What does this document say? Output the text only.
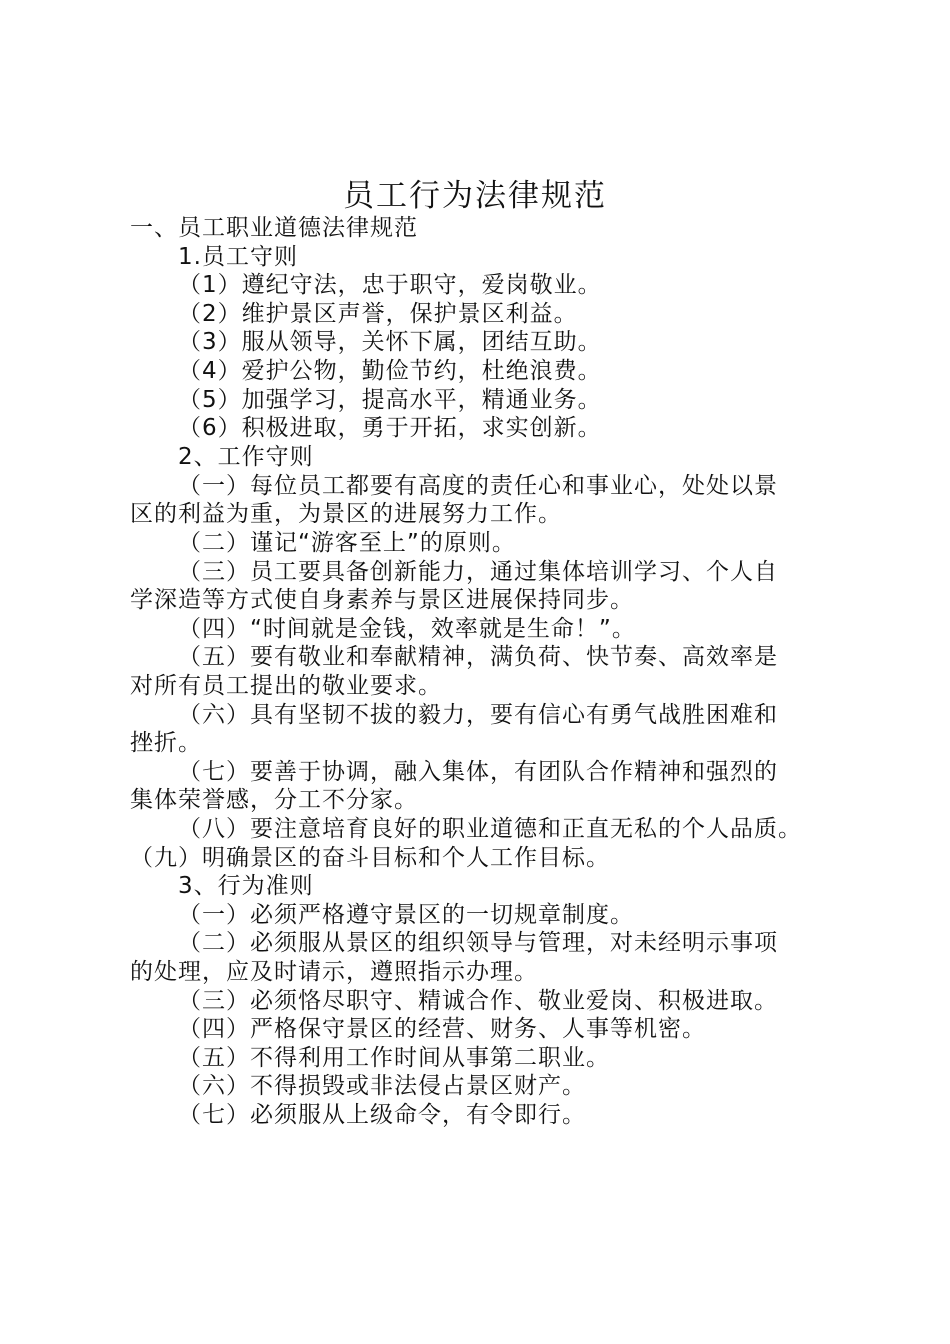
员工行为法律规范
一、员工职业道德法律规范
1.员工守则
（1）遵纪守法，忠于职守，爱岗敬业。
（2）维护景区声誉，保护景区利益。
（3）服从领导，关怀下属，团结互助。
（4）爱护公物，勤俭节约，杜绝浪费。
（5）加强学习，提高水平，精通业务。
（6）积极进取，勇于开拓，求实创新。
2、工作守则
（一）每位员工都要有高度的责任心和事业心，处处以景
区的利益为重，为景区的进展努力工作。
（二）谨记“游客至上”的原则。
（三）员工要具备创新能力，通过集体培训学习、个人自
学深造等方式使自身素养与景区进展保持同步。
（四）“时间就是金钱，效率就是生命！”。
（五）要有敬业和奉献精神，满负荷、快节奏、高效率是
对所有员工提出的敬业要求。
（六）具有坚韧不拔的毅力，要有信心有勇气战胜困难和
挫折。
（七）要善于协调，融入集体，有团队合作精神和强烈的
集体荣誉感，分工不分家。
（八）要注意培育良好的职业道德和正直无私的个人品质。
（九）明确景区的奋斗目标和个人工作目标。
3、行为准则
（一）必须严格遵守景区的一切规章制度。
（二）必须服从景区的组织领导与管理，对未经明示事项
的处理，应及时请示，遵照指示办理。
（三）必须恪尽职守、精诚合作、敬业爱岗、积极进取。
（四）严格保守景区的经营、财务、人事等机密。
（五）不得利用工作时间从事第二职业。
（六）不得损毁或非法侵占景区财产。
（七）必须服从上级命令，有令即行。
